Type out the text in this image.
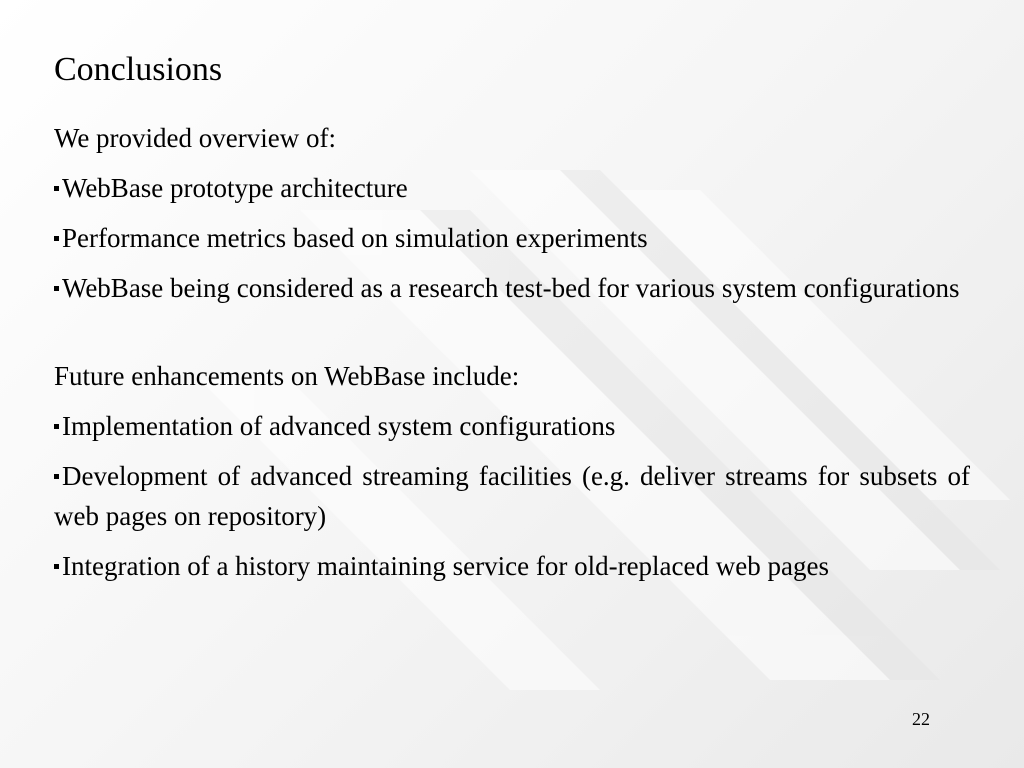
Conclusions

We provided overview of:

WebBase prototype architecture

Performance metrics based on simulation experiments

WebBase being considered as a research test-bed for various system configurations

Future enhancements on WebBase include:

Implementation of advanced system configurations

Development of advanced streaming facilities (e.g. deliver streams for subsets of web pages on repository)

Integration of a history maintaining service for old-replaced web pages

22
